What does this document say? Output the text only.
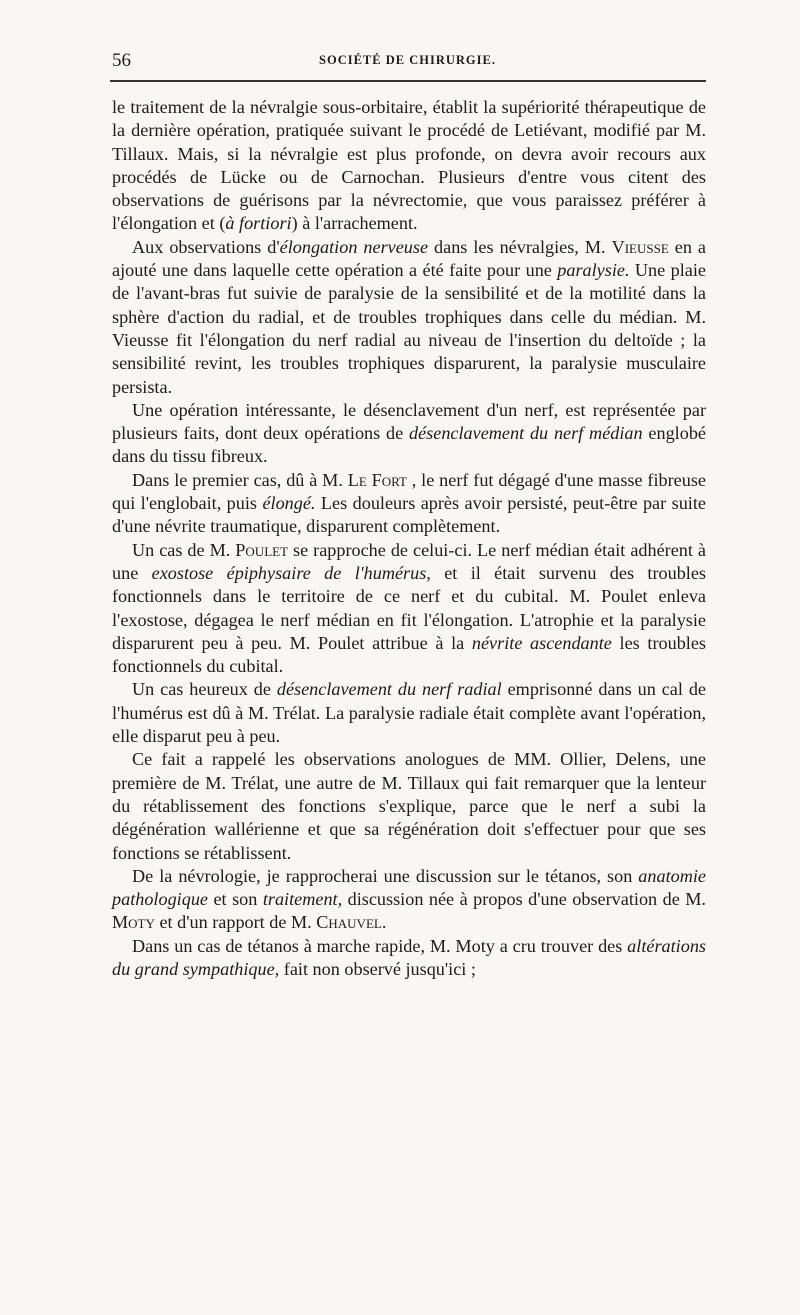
56	SOCIÉTÉ DE CHIRURGIE.

le traitement de la névralgie sous-orbitaire, établit la supériorité thérapeutique de la dernière opération, pratiquée suivant le procédé de Letiévant, modifié par M. Tillaux. Mais, si la névralgie est plus profonde, on devra avoir recours aux procédés de Lücke ou de Carnochan. Plusieurs d'entre vous citent des observations de guérisons par la névrectomie, que vous paraissez préférer à l'élongation et (à fortiori) à l'arrachement.

Aux observations d'élongation nerveuse dans les névralgies, M. Vieusse en a ajouté une dans laquelle cette opération a été faite pour une paralysie. Une plaie de l'avant-bras fut suivie de paralysie de la sensibilité et de la motilité dans la sphère d'action du radial, et de troubles trophiques dans celle du médian. M. Vieusse fit l'élongation du nerf radial au niveau de l'insertion du deltoïde ; la sensibilité revint, les troubles trophiques disparurent, la paralysie musculaire persista.

Une opération intéressante, le désenclavement d'un nerf, est représentée par plusieurs faits, dont deux opérations de désenclavement du nerf médian englobé dans du tissu fibreux.

Dans le premier cas, dû à M. Le Fort , le nerf fut dégagé d'une masse fibreuse qui l'englobait, puis élongé. Les douleurs après avoir persisté, peut-être par suite d'une névrite traumatique, disparurent complètement.

Un cas de M. Poulet se rapproche de celui-ci. Le nerf médian était adhérent à une exostose épiphysaire de l'humérus, et il était survenu des troubles fonctionnels dans le territoire de ce nerf et du cubital. M. Poulet enleva l'exostose, dégagea le nerf médian en fit l'élongation. L'atrophie et la paralysie disparurent peu à peu. M. Poulet attribue à la névrite ascendante les troubles fonctionnels du cubital.

Un cas heureux de désenclavement du nerf radial emprisonné dans un cal de l'humérus est dû à M. Trélat. La paralysie radiale était complète avant l'opération, elle disparut peu à peu.

Ce fait a rappelé les observations anologues de MM. Ollier, Delens, une première de M. Trélat, une autre de M. Tillaux qui fait remarquer que la lenteur du rétablissement des fonctions s'explique, parce que le nerf a subi la dégénération wallérienne et que sa régénération doit s'effectuer pour que ses fonctions se rétablissent.

De la névrologie, je rapprocherai une discussion sur le tétanos, son anatomie pathologique et son traitement, discussion née à propos d'une observation de M. Moty et d'un rapport de M. Chauvel.

Dans un cas de tétanos à marche rapide, M. Moty a cru trouver des altérations du grand sympathique, fait non observé jusqu'ici ;
